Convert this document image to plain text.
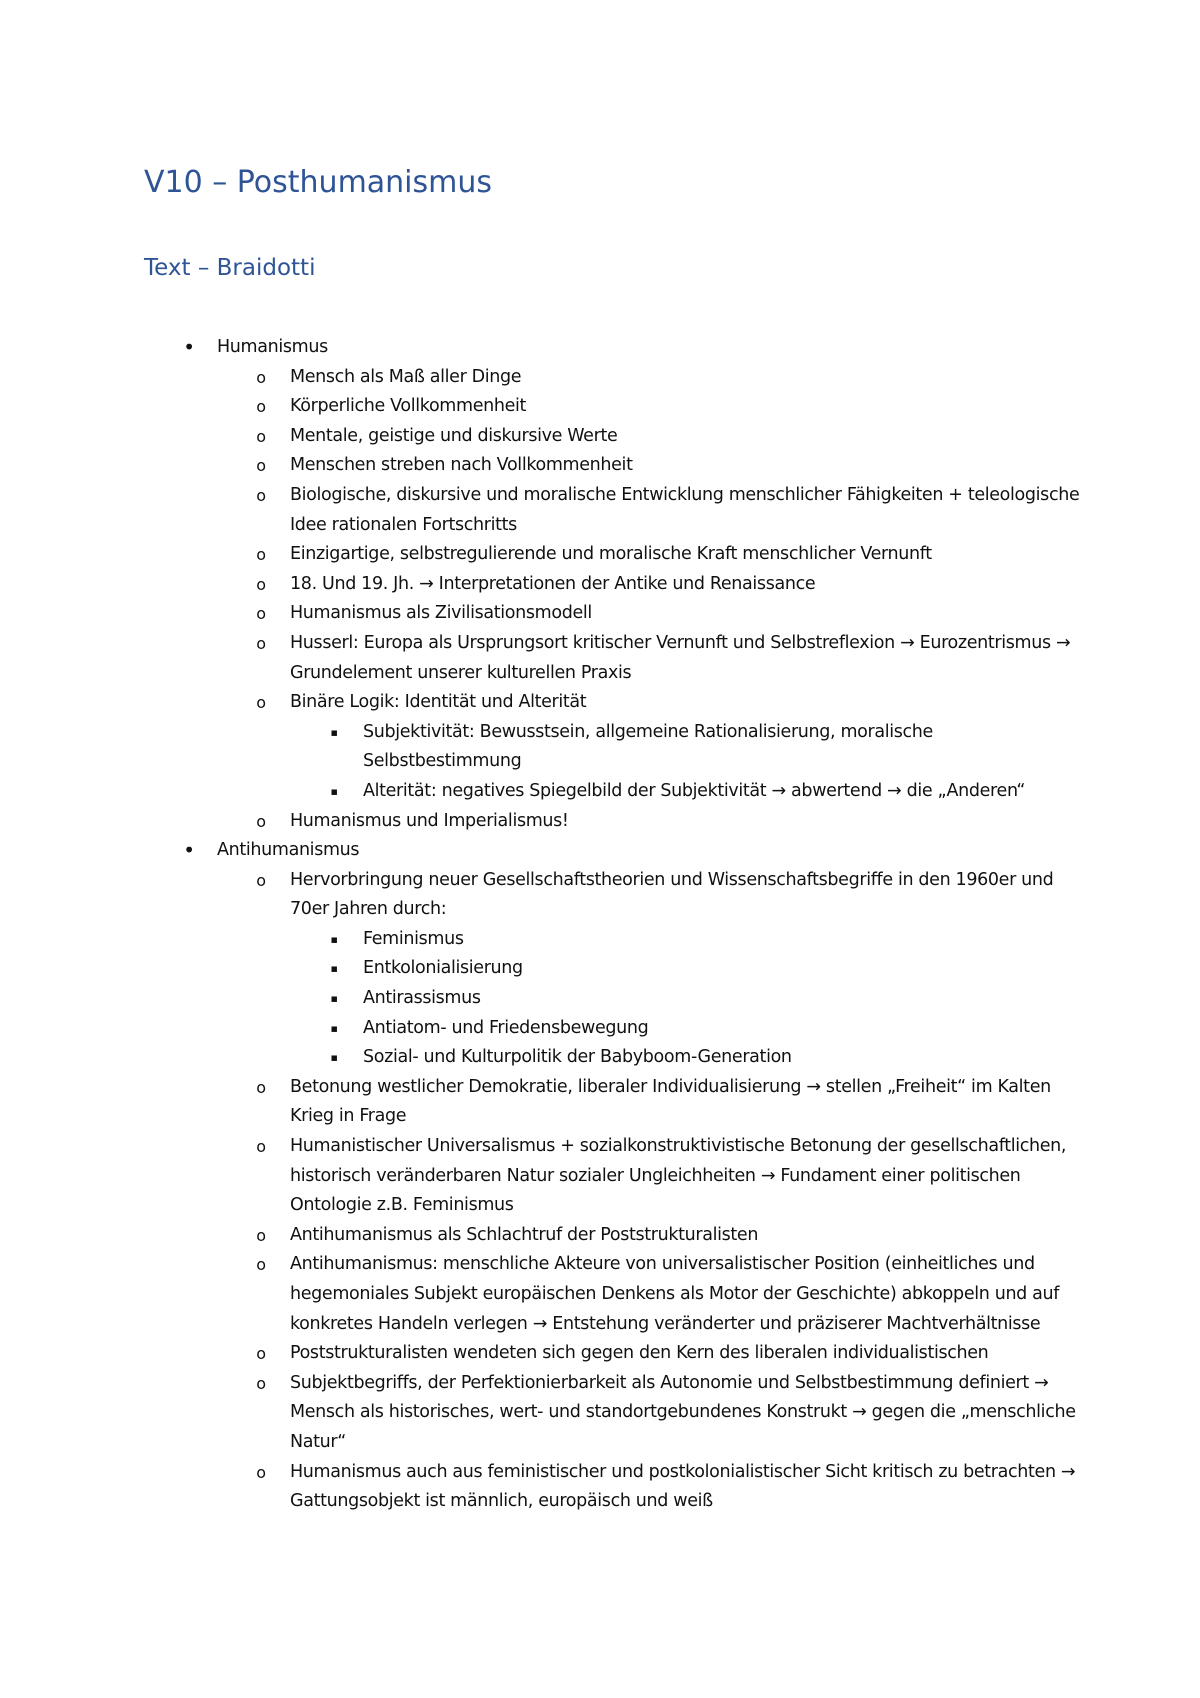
V10 – Posthumanismus
Text – Braidotti
•	Humanismus
o	Mensch als Maß aller Dinge
o	Körperliche Vollkommenheit
o	Mentale, geistige und diskursive Werte
o	Menschen streben nach Vollkommenheit
o	Biologische, diskursive und moralische Entwicklung menschlicher Fähigkeiten + teleologische Idee rationalen Fortschritts
o	Einzigartige, selbstregulierende und moralische Kraft menschlicher Vernunft
o	18. Und 19. Jh. → Interpretationen der Antike und Renaissance
o	Humanismus als Zivilisationsmodell
o	Husserl: Europa als Ursprungsort kritischer Vernunft und Selbstreflexion → Eurozentrismus → Grundelement unserer kulturellen Praxis
o	Binäre Logik: Identität und Alterität
▪	Subjektivität: Bewusstsein, allgemeine Rationalisierung, moralische Selbstbestimmung
▪	Alterität: negatives Spiegelbild der Subjektivität → abwertend → die „Anderen“
o	Humanismus und Imperialismus!
•	Antihumanismus
o	Hervorbringung neuer Gesellschaftstheorien und Wissenschaftsbegriffe in den 1960er und 70er Jahren durch:
▪	Feminismus
▪	Entkolonialisierung
▪	Antirassismus
▪	Antiatom- und Friedensbewegung
▪	Sozial- und Kulturpolitik der Babyboom-Generation
o	Betonung westlicher Demokratie, liberaler Individualisierung → stellen „Freiheit“ im Kalten Krieg in Frage
o	Humanistischer Universalismus + sozialkonstruktivistische Betonung der gesellschaftlichen, historisch veränderbaren Natur sozialer Ungleichheiten → Fundament einer politischen Ontologie z.B. Feminismus
o	Antihumanismus als Schlachtruf der Poststrukturalisten
o	Antihumanismus: menschliche Akteure von universalistischer Position (einheitliches und hegemoniales Subjekt europäischen Denkens als Motor der Geschichte) abkoppeln und auf konkretes Handeln verlegen → Entstehung veränderter und präziserer Machtverhältnisse
o	Poststrukturalisten wendeten sich gegen den Kern des liberalen individualistischen
o	Subjektbegriffs, der Perfektionierbarkeit als Autonomie und Selbstbestimmung definiert → Mensch als historisches, wert- und standortgebundenes Konstrukt → gegen die „menschliche Natur“
o	Humanismus auch aus feministischer und postkolonialistischer Sicht kritisch zu betrachten → Gattungsobjekt ist männlich, europäisch und weiß
